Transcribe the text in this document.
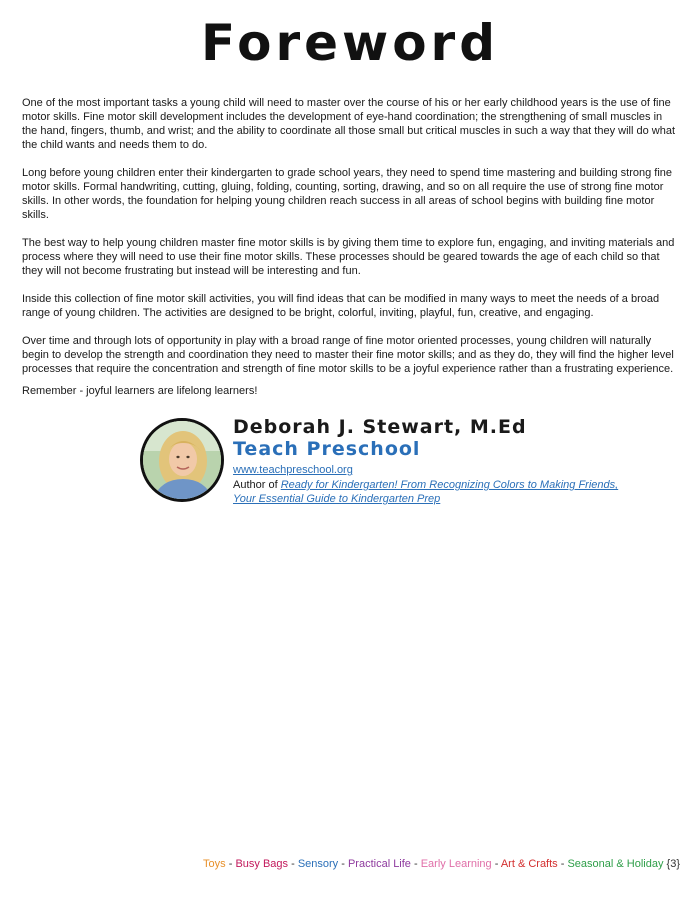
Foreword

One of the most important tasks a young child will need to master over the course of his or her early childhood years is the use of fine motor skills. Fine motor skill development includes the development of eye-hand coordination; the strengthening of small muscles in the hand, fingers, thumb, and wrist; and the ability to coordinate all those small but critical muscles in such a way that they will do what the child wants and needs them to do.

Long before young children enter their kindergarten to grade school years, they need to spend time mastering and building strong fine motor skills. Formal handwriting, cutting, gluing, folding, counting, sorting, drawing, and so on all require the use of strong fine motor skills. In other words, the foundation for helping young children reach success in all areas of school begins with building fine motor skills.

The best way to help young children master fine motor skills is by giving them time to explore fun, engaging, and inviting materials and process where they will need to use their fine motor skills. These processes should be geared towards the age of each child so that they will not become frustrating but instead will be interesting and fun.

Inside this collection of fine motor skill activities, you will find ideas that can be modified in many ways to meet the needs of a broad range of young children. The activities are designed to be bright, colorful, inviting, playful, fun, creative, and engaging.

Over time and through lots of opportunity in play with a broad range of fine motor oriented processes, young children will naturally begin to develop the strength and coordination they need to master their fine motor skills; and as they do, they will find the higher level processes that require the concentration and strength of fine motor skills to be a joyful experience rather than a frustrating experience.

Remember - joyful learners are lifelong learners!

Deborah J. Stewart, M.Ed
Teach Preschool
www.teachpreschool.org
Author of Ready for Kindergarten! From Recognizing Colors to Making Friends,
Your Essential Guide to Kindergarten Prep
Toys - Busy Bags - Sensory - Practical Life - Early Learning - Art & Crafts - Seasonal & Holiday {3}
